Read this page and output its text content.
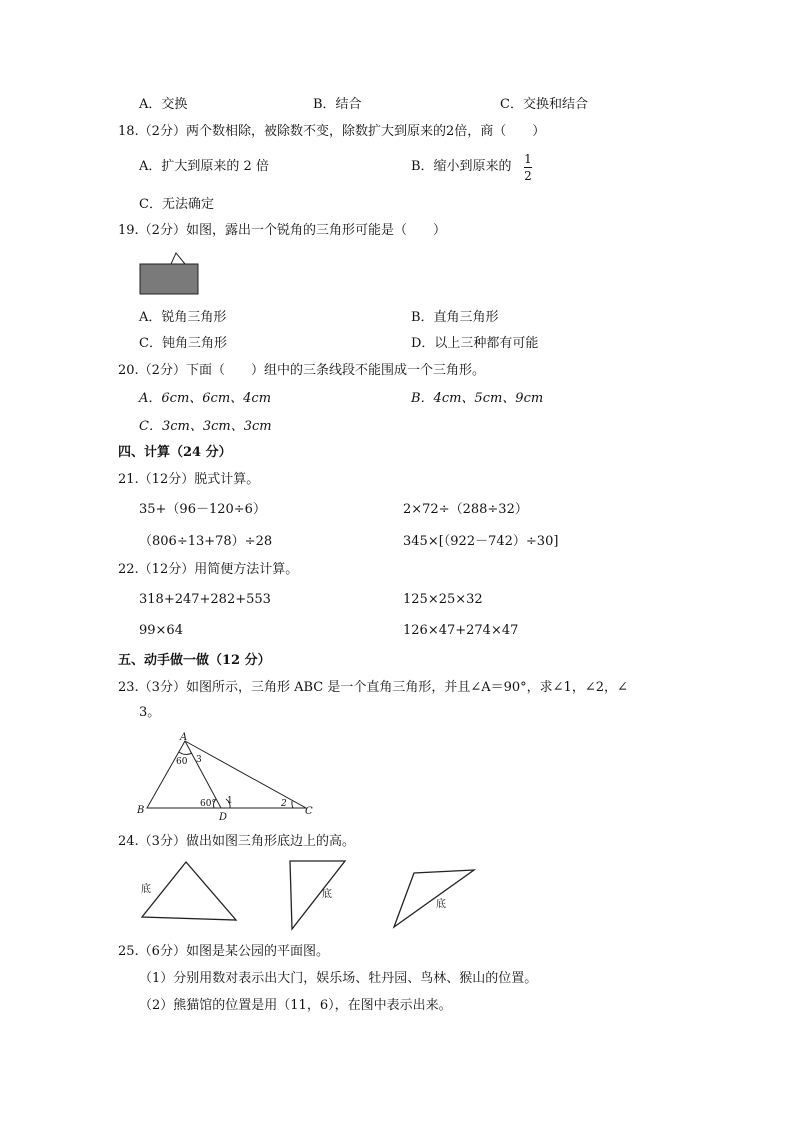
A．交换	B．结合	C．交换和结合
18.（2分）两个数相除，被除数不变，除数扩大到原来的2倍，商（　　）
A．扩大到原来的 2 倍	B．缩小到原来的 1
2
C．无法确定
19.（2分）如图，露出一个锐角的三角形可能是（　　）
A．锐角三角形	B．直角三角形
C．钝角三角形	D．以上三种都有可能
20.（2分）下面（　　）组中的三条线段不能围成一个三角形。
A．6cm、6cm、4cm	B．4cm、5cm、9cm
C．3cm、3cm、3cm
四、计算（24 分）
21.（12分）脱式计算。
35+（96－120÷6）	2×72÷（288÷32）
（806÷13+78）÷28	345×[（922－742）÷30]
22.（12分）用简便方法计算。
318+247+282+553	125×25×32
99×64	126×47+274×47
五、动手做一做（12 分）
23.（3分）如图所示，三角形 ABC 是一个直角三角形，并且∠A＝90°，求∠1，∠2，∠
3。
A
B	C
D
60 3
60° 1	2
24.（3分）做出如图三角形底边上的高。
底	底
底
25.（6分）如图是某公园的平面图。
（1）分别用数对表示出大门，娱乐场、牡丹园、鸟林、猴山的位置。
（2）熊猫馆的位置是用（11，6），在图中表示出来。
